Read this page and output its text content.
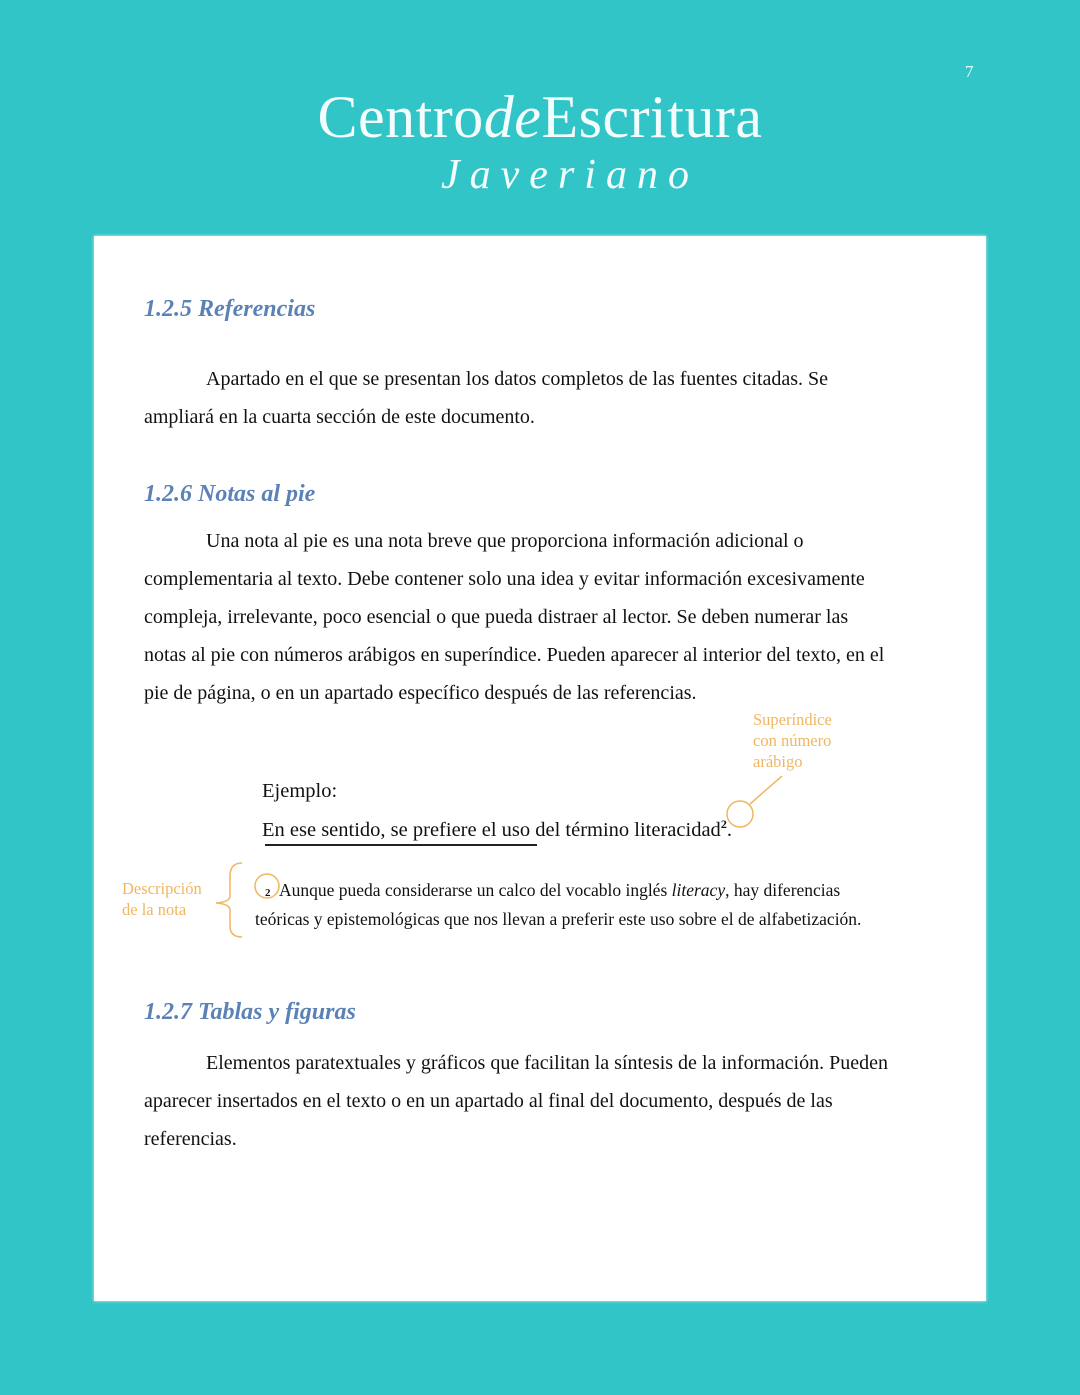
7
CentrodeEscritura
Javeriano
1.2.5 Referencias
Apartado en el que se presentan los datos completos de las fuentes citadas. Se
ampliará en la cuarta sección de este documento.
1.2.6 Notas al pie
Una nota al pie es una nota breve que proporciona información adicional o
complementaria al texto. Debe contener solo una idea y evitar información excesivamente
compleja, irrelevante, poco esencial o que pueda distraer al lector. Se deben numerar las
notas al pie con números arábigos en superíndice. Pueden aparecer al interior del texto, en el
pie de página, o en un apartado específico después de las referencias.
Superíndice
con número
arábigo
Ejemplo:
En ese sentido, se prefiere el uso del término literacidad$^2$.
Descripción
de la nota
2 Aunque pueda considerarse un calco del vocablo inglés literacy, hay diferencias
teóricas y epistemológicas que nos llevan a preferir este uso sobre el de alfabetización.
1.2.7 Tablas y figuras
Elementos paratextuales y gráficos que facilitan la síntesis de la información. Pueden
aparecer insertados en el texto o en un apartado al final del documento, después de las
referencias.
